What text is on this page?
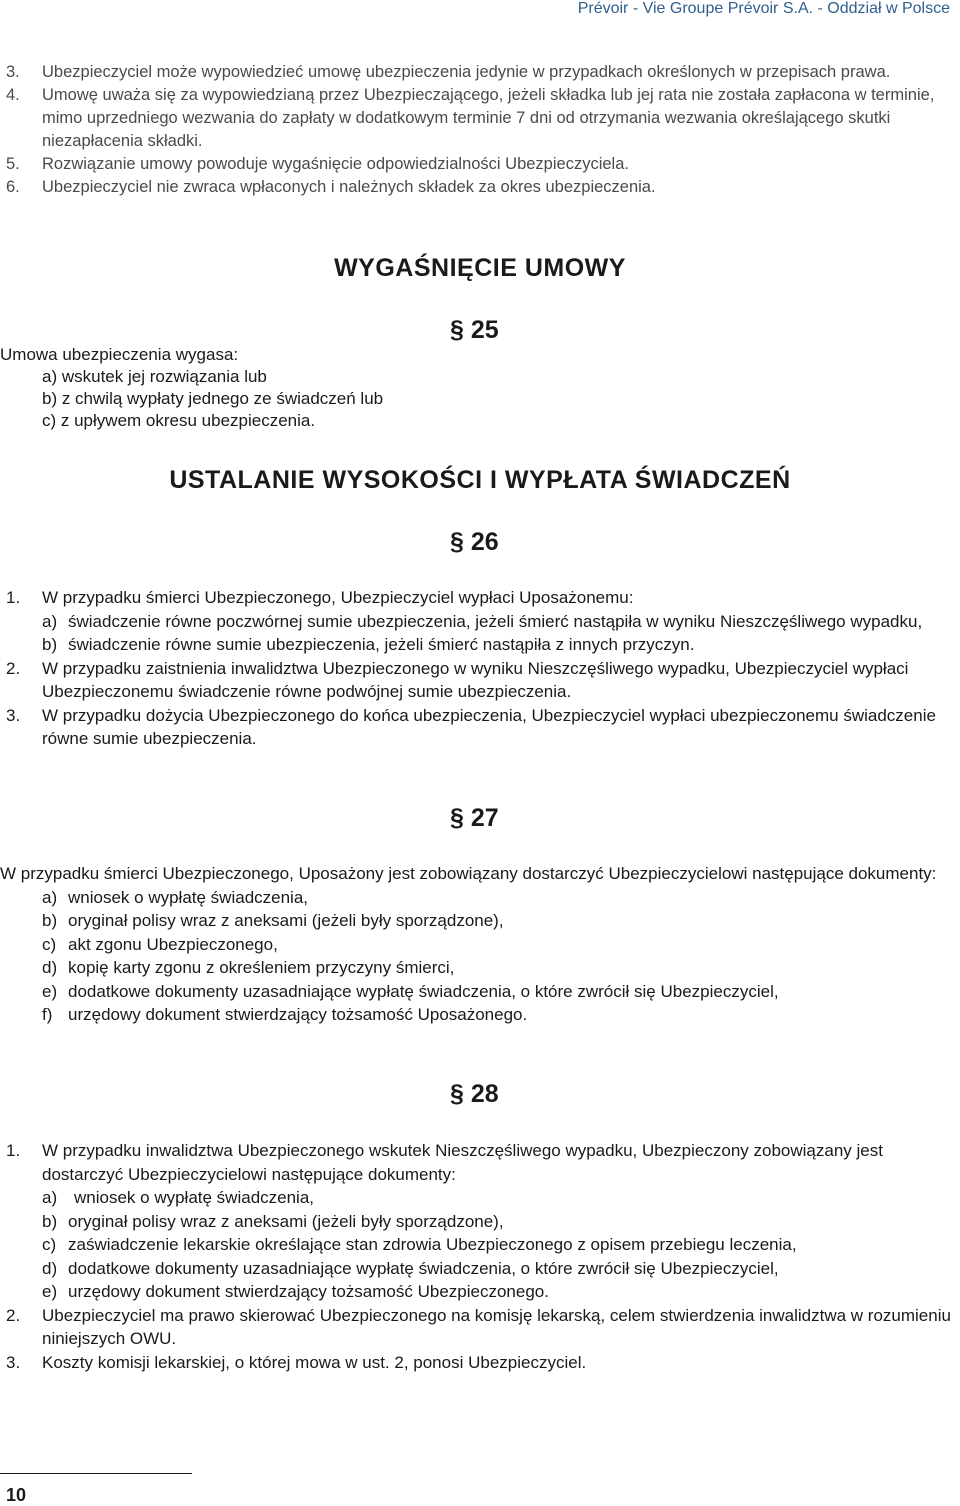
Prévoir - Vie Groupe Prévoir S.A. - Oddział w Polsce
3.	Ubezpieczyciel może wypowiedzieć umowę ubezpieczenia jedynie w przypadkach określonych w przepisach prawa.
4.	Umowę uważa się za wypowiedzianą przez Ubezpieczającego, jeżeli składka lub jej rata nie została zapłacona w terminie, mimo uprzedniego wezwania do zapłaty w dodatkowym terminie 7 dni od otrzymania wezwania określającego skutki niezapłacenia składki.
5.	Rozwiązanie umowy powoduje wygaśnięcie odpowiedzialności Ubezpieczyciela.
6.	Ubezpieczyciel nie zwraca wpłaconych i należnych składek za okres ubezpieczenia.
WYGAŚNIĘCIE UMOWY
§ 25
Umowa ubezpieczenia wygasa:
a) wskutek jej rozwiązania lub
b) z chwilą wypłaty jednego ze świadczeń lub
c) z upływem okresu ubezpieczenia.
USTALANIE WYSOKOŚCI I WYPŁATA ŚWIADCZEŃ
§ 26
1.	W przypadku śmierci Ubezpieczonego, Ubezpieczyciel wypłaci Uposażonemu:
a) świadczenie równe poczwórnej sumie ubezpieczenia, jeżeli śmierć nastąpiła w wyniku Nieszczęśliwego wypadku,
b) świadczenie równe sumie ubezpieczenia, jeżeli śmierć nastąpiła z innych przyczyn.
2.	W przypadku zaistnienia inwalidztwa Ubezpieczonego w wyniku Nieszczęśliwego wypadku, Ubezpieczyciel wypłaci Ubezpieczonemu świadczenie równe podwójnej sumie ubezpieczenia.
3.	W przypadku dożycia Ubezpieczonego do końca ubezpieczenia, Ubezpieczyciel wypłaci ubezpieczonemu świadczenie równe sumie ubezpieczenia.
§ 27
W przypadku śmierci Ubezpieczonego, Uposażony jest zobowiązany dostarczyć Ubezpieczycielowi następujące dokumenty:
a) wniosek o wypłatę świadczenia,
b) oryginał polisy wraz z aneksami (jeżeli były sporządzone),
c) akt zgonu Ubezpieczonego,
d) kopię karty zgonu z określeniem przyczyny śmierci,
e) dodatkowe dokumenty uzasadniające wypłatę świadczenia, o które zwrócił się Ubezpieczyciel,
f) urzędowy dokument stwierdzający tożsamość Uposażonego.
§ 28
1.	W przypadku inwalidztwa Ubezpieczonego wskutek Nieszczęśliwego wypadku, Ubezpieczony zobowiązany jest dostarczyć Ubezpieczycielowi następujące dokumenty:
a) wniosek o wypłatę świadczenia,
b) oryginał polisy wraz z aneksami (jeżeli były sporządzone),
c) zaświadczenie lekarskie określające stan zdrowia Ubezpieczonego z opisem przebiegu leczenia,
d) dodatkowe dokumenty uzasadniające wypłatę świadczenia, o które zwrócił się Ubezpieczyciel,
e) urzędowy dokument stwierdzający tożsamość Ubezpieczonego.
2.	Ubezpieczyciel ma prawo skierować Ubezpieczonego na komisję lekarską, celem stwierdzenia inwalidztwa w rozumieniu niniejszych OWU.
3.	Koszty komisji lekarskiej, o której mowa w ust. 2, ponosi Ubezpieczyciel.
10
